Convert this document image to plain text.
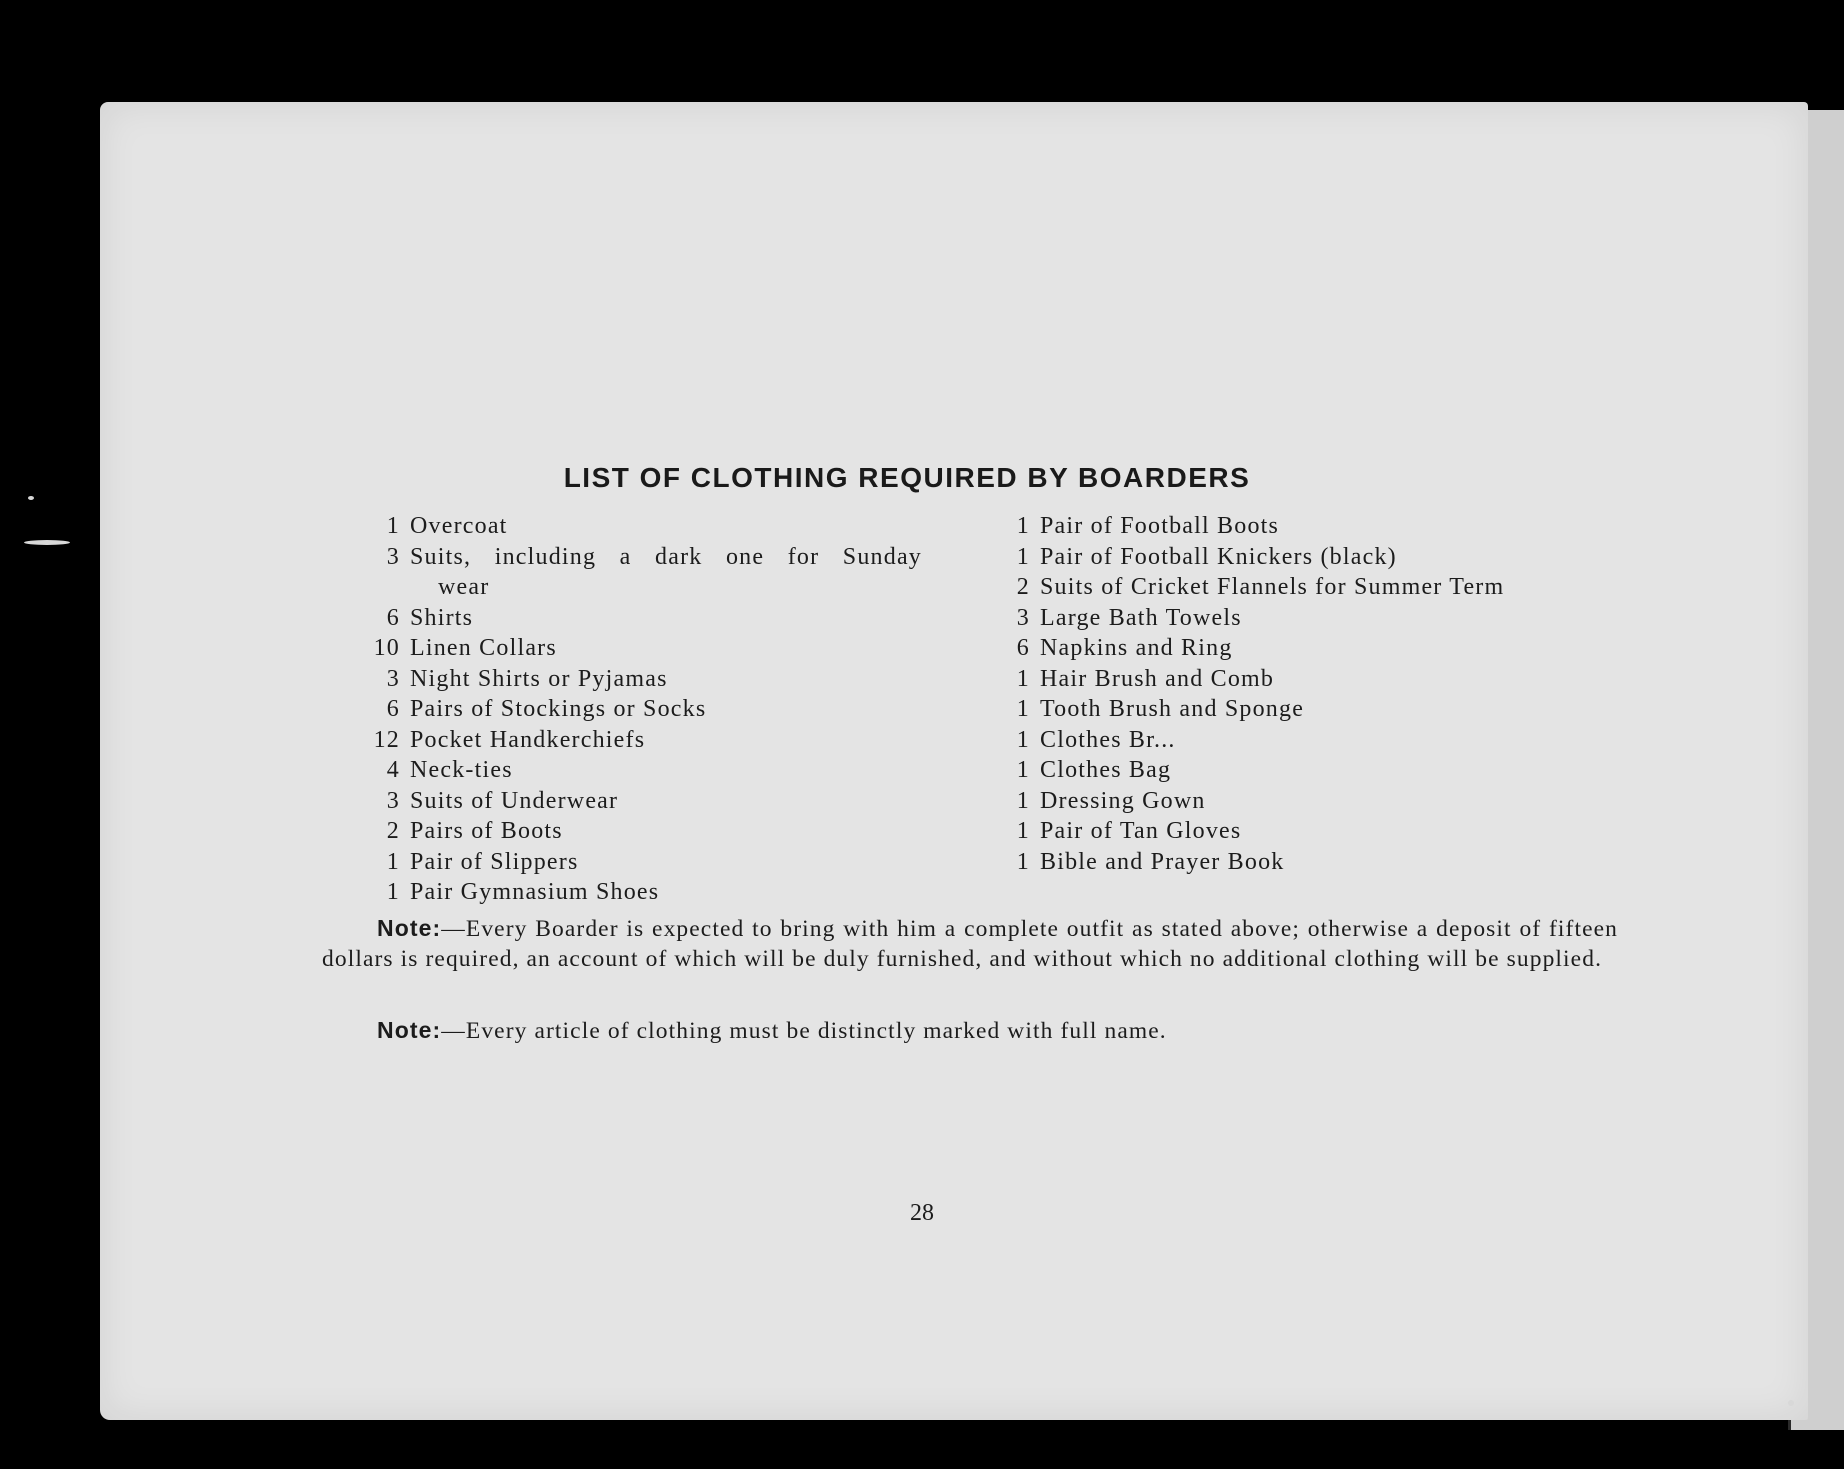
LIST OF CLOTHING REQUIRED BY BOARDERS
1 Overcoat
3 Suits, including a dark one for Sunday
wear
6 Shirts
10 Linen Collars
3 Night Shirts or Pyjamas
6 Pairs of Stockings or Socks
12 Pocket Handkerchiefs
4 Neck-ties
3 Suits of Underwear
2 Pairs of Boots
1 Pair of Slippers
1 Pair Gymnasium Shoes
1 Pair of Football Boots
1 Pair of Football Knickers (black)
2 Suits of Cricket Flannels for Summer Term
3 Large Bath Towels
6 Napkins and Ring
1 Hair Brush and Comb
1 Tooth Brush and Sponge
1 Clothes Br...
1 Clothes Bag
1 Dressing Gown
1 Pair of Tan Gloves
1 Bible and Prayer Book

Note:—Every Boarder is expected to bring with him a complete outfit as stated above; otherwise a deposit of fifteen dollars is required, an account of which will be duly furnished, and without which no additional clothing will be supplied.

Note:—Every article of clothing must be distinctly marked with full name.

28
